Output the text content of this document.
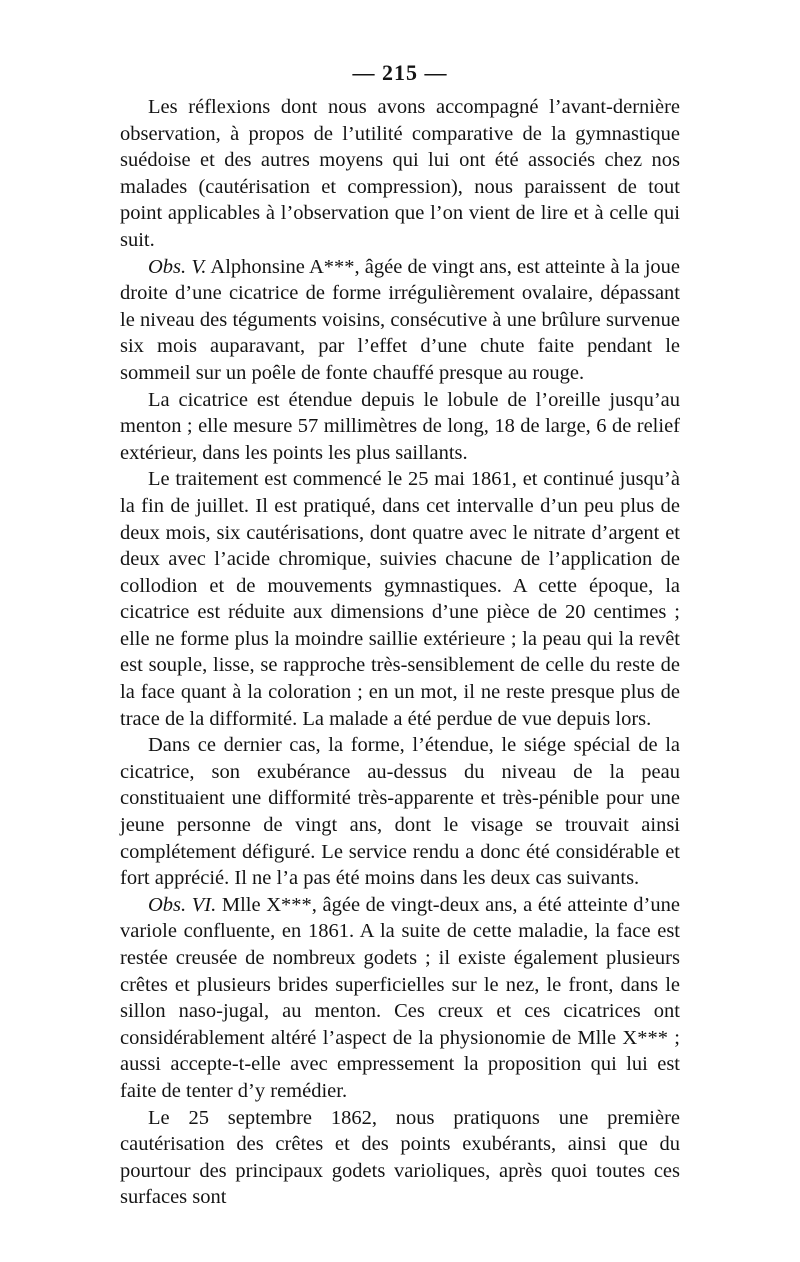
— 215 —

Les réflexions dont nous avons accompagné l’avant-dernière observation, à propos de l’utilité comparative de la gymnastique suédoise et des autres moyens qui lui ont été associés chez nos malades (cautérisation et compression), nous paraissent de tout point applicables à l’observation que l’on vient de lire et à celle qui suit.

Obs. V. Alphonsine A***, âgée de vingt ans, est atteinte à la joue droite d’une cicatrice de forme irrégulièrement ovalaire, dépassant le niveau des téguments voisins, consécutive à une brûlure survenue six mois auparavant, par l’effet d’une chute faite pendant le sommeil sur un poêle de fonte chauffé presque au rouge.

La cicatrice est étendue depuis le lobule de l’oreille jusqu’au menton ; elle mesure 57 millimètres de long, 18 de large, 6 de relief extérieur, dans les points les plus saillants.

Le traitement est commencé le 25 mai 1861, et continué jusqu’à la fin de juillet. Il est pratiqué, dans cet intervalle d’un peu plus de deux mois, six cautérisations, dont quatre avec le nitrate d’argent et deux avec l’acide chromique, suivies chacune de l’application de collodion et de mouvements gymnastiques. A cette époque, la cicatrice est réduite aux dimensions d’une pièce de 20 centimes ; elle ne forme plus la moindre saillie extérieure ; la peau qui la revêt est souple, lisse, se rapproche très-sensiblement de celle du reste de la face quant à la coloration ; en un mot, il ne reste presque plus de trace de la difformité. La malade a été perdue de vue depuis lors.

Dans ce dernier cas, la forme, l’étendue, le siége spécial de la cicatrice, son exubérance au-dessus du niveau de la peau constituaient une difformité très-apparente et très-pénible pour une jeune personne de vingt ans, dont le visage se trouvait ainsi complétement défiguré. Le service rendu a donc été considérable et fort apprécié. Il ne l’a pas été moins dans les deux cas suivants.

Obs. VI. Mlle X***, âgée de vingt-deux ans, a été atteinte d’une variole confluente, en 1861. A la suite de cette maladie, la face est restée creusée de nombreux godets ; il existe également plusieurs crêtes et plusieurs brides superficielles sur le nez, le front, dans le sillon naso-jugal, au menton. Ces creux et ces cicatrices ont considérablement altéré l’aspect de la physionomie de Mlle X*** ; aussi accepte-t-elle avec empressement la proposition qui lui est faite de tenter d’y remédier.

Le 25 septembre 1862, nous pratiquons une première cautérisation des crêtes et des points exubérants, ainsi que du pourtour des principaux godets varioliques, après quoi toutes ces surfaces sont
